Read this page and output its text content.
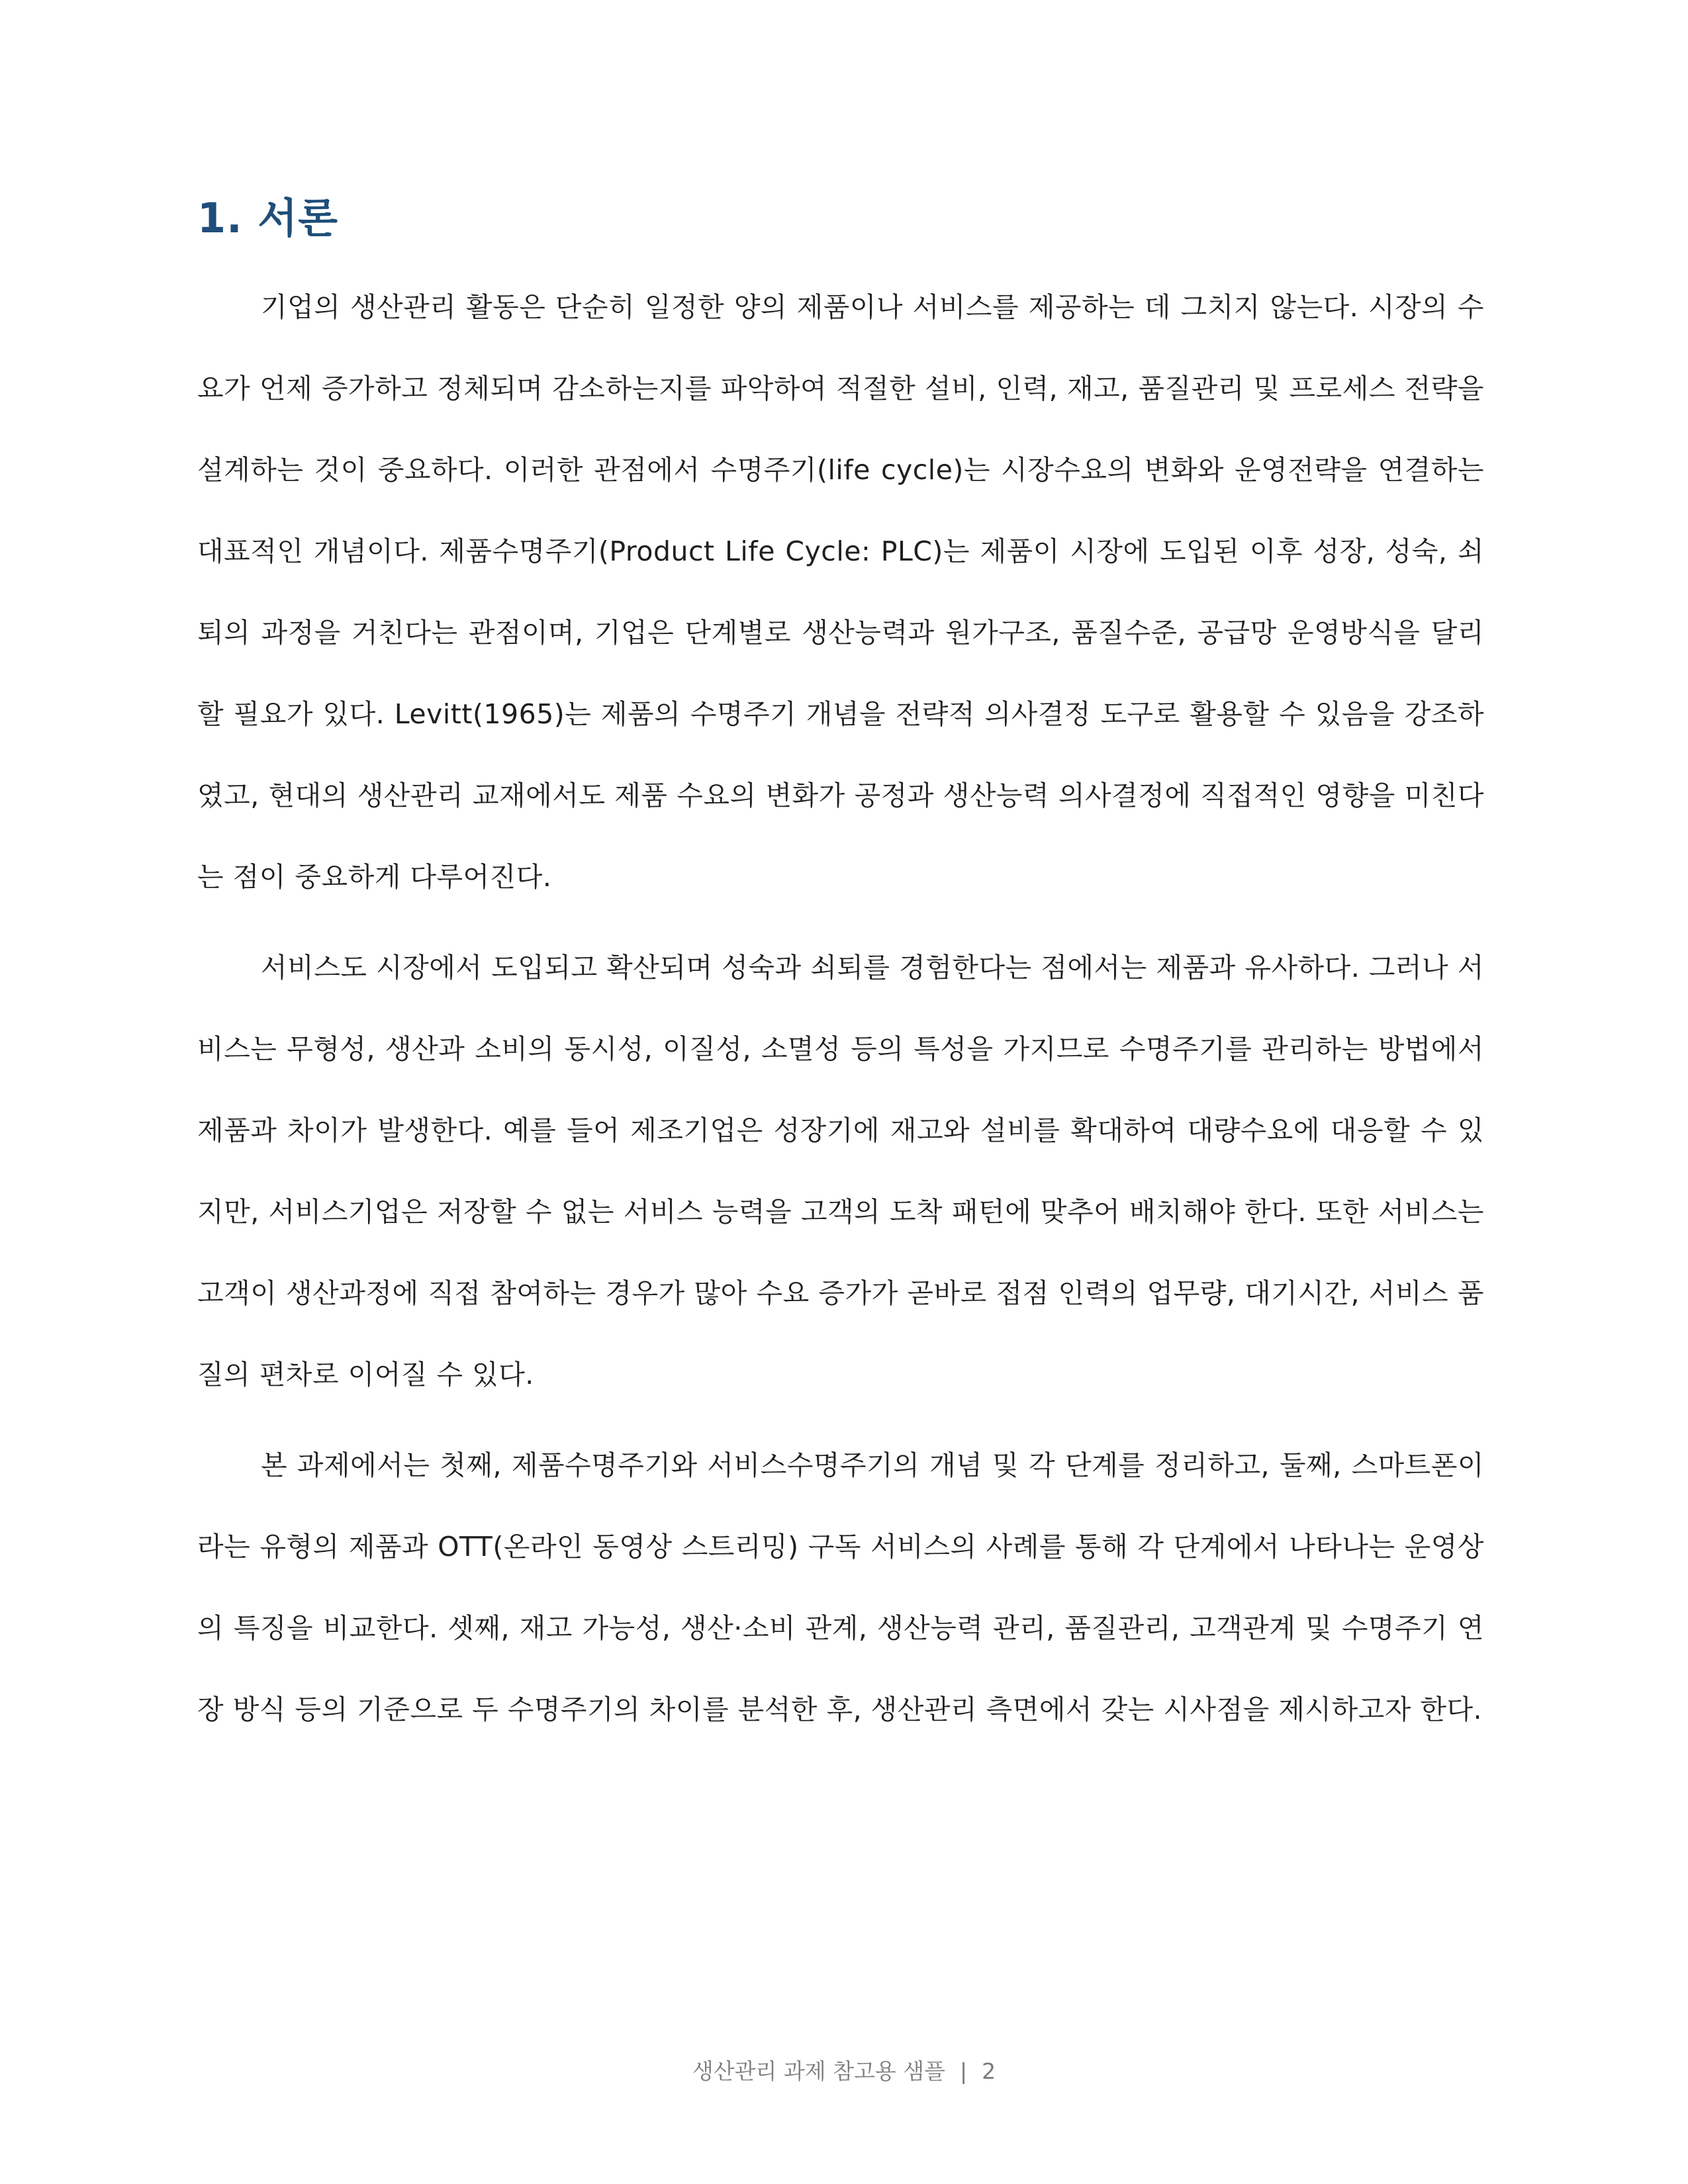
1. 서론

기업의 생산관리 활동은 단순히 일정한 양의 제품이나 서비스를 제공하는 데 그치지 않는다. 시장의 수요가 언제 증가하고 정체되며 감소하는지를 파악하여 적절한 설비, 인력, 재고, 품질관리 및 프로세스 전략을 설계하는 것이 중요하다. 이러한 관점에서 수명주기(life cycle)는 시장수요의 변화와 운영전략을 연결하는 대표적인 개념이다. 제품수명주기(Product Life Cycle: PLC)는 제품이 시장에 도입된 이후 성장, 성숙, 쇠퇴의 과정을 거친다는 관점이며, 기업은 단계별로 생산능력과 원가구조, 품질수준, 공급망 운영방식을 달리할 필요가 있다. Levitt(1965)는 제품의 수명주기 개념을 전략적 의사결정 도구로 활용할 수 있음을 강조하였고, 현대의 생산관리 교재에서도 제품 수요의 변화가 공정과 생산능력 의사결정에 직접적인 영향을 미친다는 점이 중요하게 다루어진다.

서비스도 시장에서 도입되고 확산되며 성숙과 쇠퇴를 경험한다는 점에서는 제품과 유사하다. 그러나 서비스는 무형성, 생산과 소비의 동시성, 이질성, 소멸성 등의 특성을 가지므로 수명주기를 관리하는 방법에서 제품과 차이가 발생한다. 예를 들어 제조기업은 성장기에 재고와 설비를 확대하여 대량수요에 대응할 수 있지만, 서비스기업은 저장할 수 없는 서비스 능력을 고객의 도착 패턴에 맞추어 배치해야 한다. 또한 서비스는 고객이 생산과정에 직접 참여하는 경우가 많아 수요 증가가 곧바로 접점 인력의 업무량, 대기시간, 서비스 품질의 편차로 이어질 수 있다.

본 과제에서는 첫째, 제품수명주기와 서비스수명주기의 개념 및 각 단계를 정리하고, 둘째, 스마트폰이라는 유형의 제품과 OTT(온라인 동영상 스트리밍) 구독 서비스의 사례를 통해 각 단계에서 나타나는 운영상의 특징을 비교한다. 셋째, 재고 가능성, 생산·소비 관계, 생산능력 관리, 품질관리, 고객관계 및 수명주기 연장 방식 등의 기준으로 두 수명주기의 차이를 분석한 후, 생산관리 측면에서 갖는 시사점을 제시하고자 한다.

생산관리 과제 참고용 샘플 | 2
